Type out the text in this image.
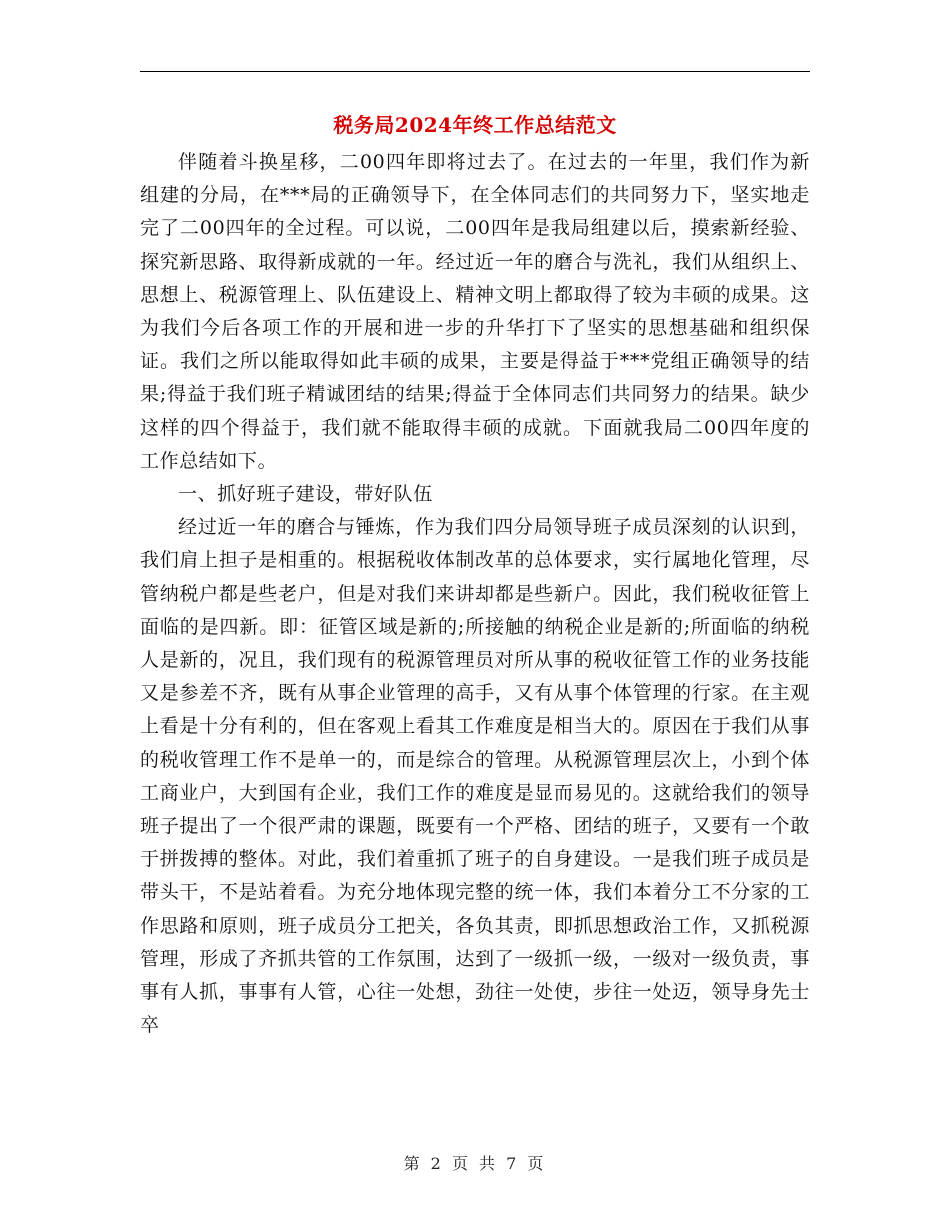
税务局2024年终工作总结范文

伴随着斗换星移，二00四年即将过去了。在过去的一年里，我们作为新组建的分局，在***局的正确领导下，在全体同志们的共同努力下，坚实地走完了二00四年的全过程。可以说，二00四年是我局组建以后，摸索新经验、探究新思路、取得新成就的一年。经过近一年的磨合与洗礼，我们从组织上、思想上、税源管理上、队伍建设上、精神文明上都取得了较为丰硕的成果。这为我们今后各项工作的开展和进一步的升华打下了坚实的思想基础和组织保证。我们之所以能取得如此丰硕的成果，主要是得益于***党组正确领导的结果;得益于我们班子精诚团结的结果;得益于全体同志们共同努力的结果。缺少这样的四个得益于，我们就不能取得丰硕的成就。下面就我局二00四年度的工作总结如下。

一、抓好班子建设，带好队伍

经过近一年的磨合与锤炼，作为我们四分局领导班子成员深刻的认识到，我们肩上担子是相重的。根据税收体制改革的总体要求，实行属地化管理，尽管纳税户都是些老户，但是对我们来讲却都是些新户。因此，我们税收征管上面临的是四新。即：征管区域是新的;所接触的纳税企业是新的;所面临的纳税人是新的，况且，我们现有的税源管理员对所从事的税收征管工作的业务技能又是参差不齐，既有从事企业管理的高手，又有从事个体管理的行家。在主观上看是十分有利的，但在客观上看其工作难度是相当大的。原因在于我们从事的税收管理工作不是单一的，而是综合的管理。从税源管理层次上，小到个体工商业户，大到国有企业，我们工作的难度是显而易见的。这就给我们的领导班子提出了一个很严肃的课题，既要有一个严格、团结的班子，又要有一个敢于拼拨搏的整体。对此，我们着重抓了班子的自身建设。一是我们班子成员是带头干，不是站着看。为充分地体现完整的统一体，我们本着分工不分家的工作思路和原则，班子成员分工把关，各负其责，即抓思想政治工作，又抓税源管理，形成了齐抓共管的工作氛围，达到了一级抓一级，一级对一级负责，事事有人抓，事事有人管，心往一处想，劲往一处使，步往一处迈，领导身先士卒

第 2 页 共 7 页
